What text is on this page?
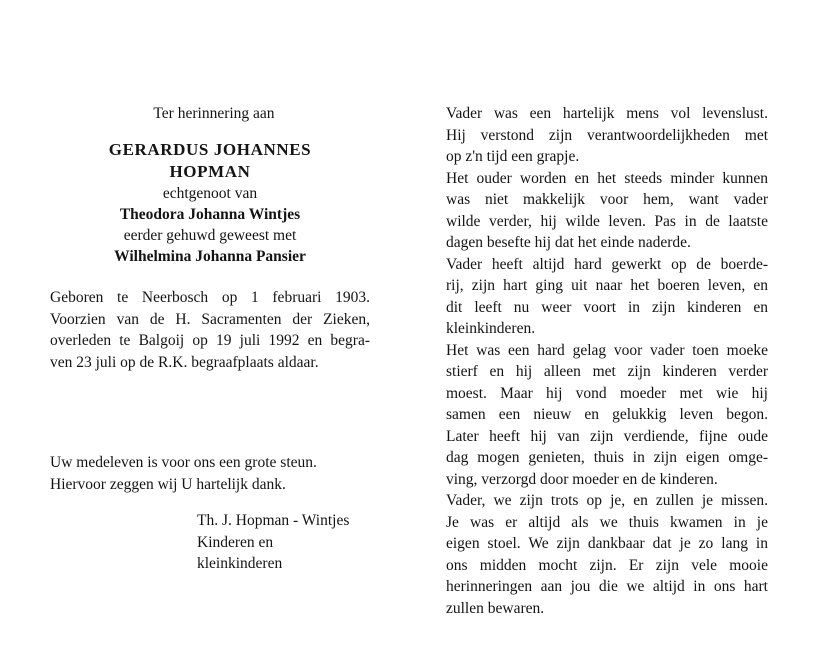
Ter herinnering aan

GERARDUS JOHANNES

HOPMAN

echtgenoot van

Theodora Johanna Wintjes

eerder gehuwd geweest met

Wilhelmina Johanna Pansier

Geboren te Neerbosch op 1 februari 1903.
Voorzien van de H. Sacramenten der Zieken,
overleden te Balgoij op 19 juli 1992 en begra-
ven 23 juli op de R.K. begraafplaats aldaar.
Uw medeleven is voor ons een grote steun.
Hiervoor zeggen wij U hartelijk dank.
Th. J. Hopman - Wintjes
Kinderen en
kleinkinderen
Vader was een hartelijk mens vol levenslust.
Hij verstond zijn verantwoordelijkheden met
op z'n tijd een grapje.
Het ouder worden en het steeds minder kunnen
was niet makkelijk voor hem, want vader
wilde verder, hij wilde leven. Pas in de laatste
dagen besefte hij dat het einde naderde.
Vader heeft altijd hard gewerkt op de boerde-
rij, zijn hart ging uit naar het boeren leven, en
dit leeft nu weer voort in zijn kinderen en
kleinkinderen.
Het was een hard gelag voor vader toen moeke
stierf en hij alleen met zijn kinderen verder
moest. Maar hij vond moeder met wie hij
samen een nieuw en gelukkig leven begon.
Later heeft hij van zijn verdiende, fijne oude
dag mogen genieten, thuis in zijn eigen omge-
ving, verzorgd door moeder en de kinderen.
Vader, we zijn trots op je, en zullen je missen.
Je was er altijd als we thuis kwamen in je
eigen stoel. We zijn dankbaar dat je zo lang in
ons midden mocht zijn. Er zijn vele mooie
herinneringen aan jou die we altijd in ons hart
zullen bewaren.
